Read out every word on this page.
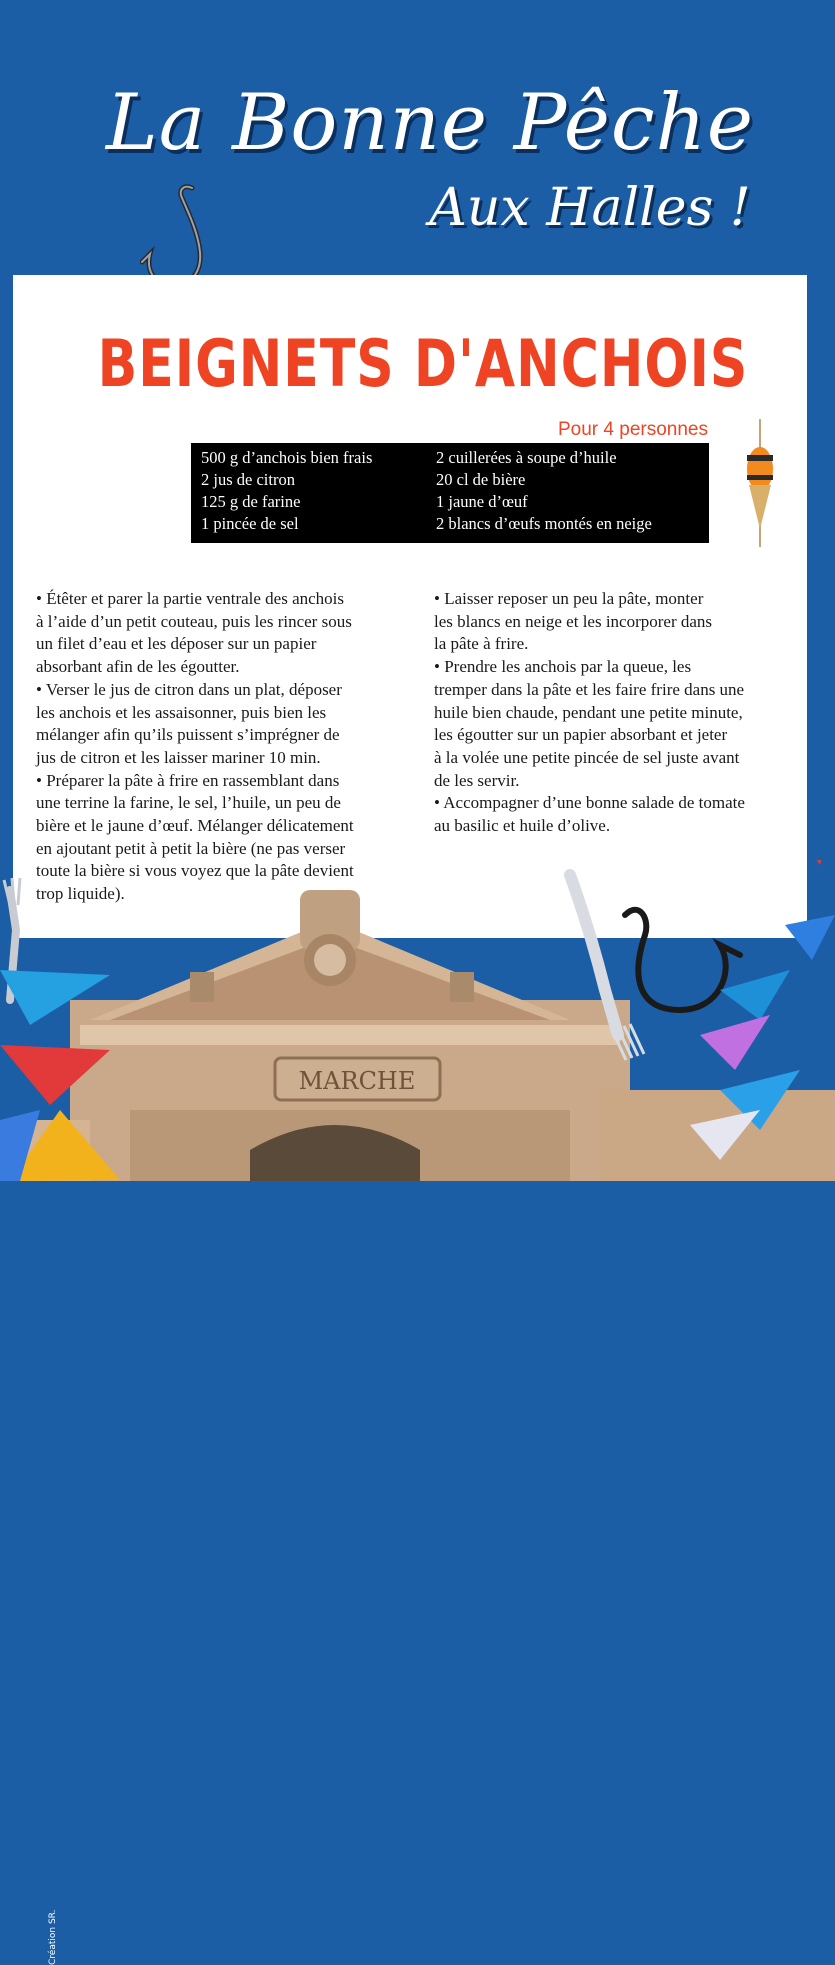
La Bonne Pêche
Aux Halles !
BEIGNETS D'ANCHOIS
Pour 4 personnes
500 g d’anchois bien frais
2 jus de citron
125 g de farine
1 pincée de sel
2 cuillerées à soupe d’huile
20 cl de bière
1 jaune d’œuf
2 blancs d’œufs montés en neige

• Étêter et parer la partie ventrale des anchois
à l’aide d’un petit couteau, puis les rincer sous
un filet d’eau et les déposer sur un papier
absorbant afin de les égoutter.

• Verser le jus de citron dans un plat, déposer
les anchois et les assaisonner, puis bien les
mélanger afin qu’ils puissent s’imprégner de
jus de citron et les laisser mariner 10 min.

• Préparer la pâte à frire en rassemblant dans
une terrine la farine, le sel, l’huile, un peu de
bière et le jaune d’œuf. Mélanger délicatement
en ajoutant petit à petit la bière (ne pas verser
toute la bière si vous voyez que la pâte devient
trop liquide).

• Laisser reposer un peu la pâte, monter
les blancs en neige et les incorporer dans
la pâte à frire.

• Prendre les anchois par la queue, les
tremper dans la pâte et les faire frire dans une
huile bien chaude, pendant une petite minute,
les égoutter sur un papier absorbant et jeter
à la volée une petite pincée de sel juste avant
de les servir.

• Accompagner d’une bonne salade de tomate
au basilic et huile d’olive.

MARCHE
Création SR.
